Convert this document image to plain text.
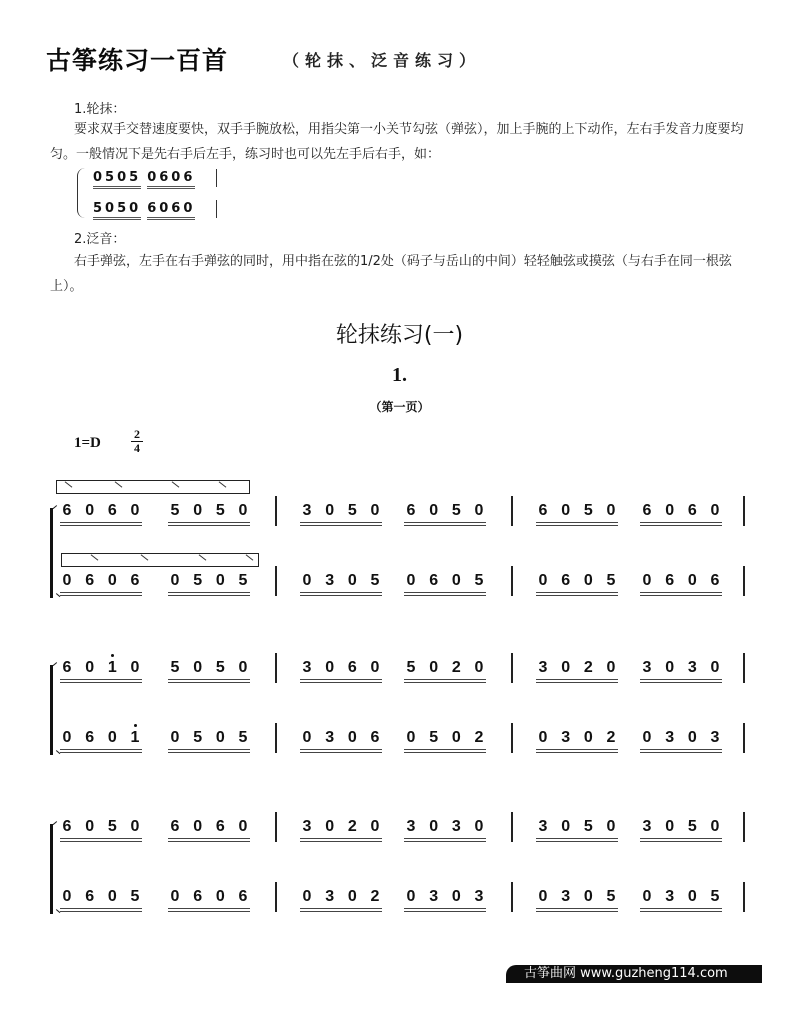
古筝练习一百首	（轮抹、泛音练习）
1.轮抹：
要求双手交替速度要快，双手手腕放松，用指尖第一小关节勾弦（弹弦），加上手腕的上下动作，左右手发音力度要均匀。一般情况下是先右手后左手，练习时也可以先左手后右手，如：
0505 0606
5050 6060
2.泛音：
右手弹弦，左手在右手弹弦的同时，用中指在弦的1/2处（码子与岳山的中间）轻轻触弦或摸弦（与右手在同一根弦上）。
轮抹练习(一)
1.
（第一页）
1=D
2
4
6 0 6 0 5 0 5 0	3 0 5 0 6 0 5 0	6 0 5 0 6 0 6 0
0 6 0 6 0 5 0 5	0 3 0 5 0 6 0 5	0 6 0 5 0 6 0 6
6 0 1 0 5 0 5 0	3 0 6 0 5 0 2 0	3 0 2 0 3 0 3 0
0 6 0 1 0 5 0 5	0 3 0 6 0 5 0 2	0 3 0 2 0 3 0 3
6 0 5 0 6 0 6 0	3 0 2 0 3 0 3 0	3 0 5 0 3 0 5 0
0 6 0 5 0 6 0 6	0 3 0 2 0 3 0 3	0 3 0 5 0 3 0 5
古筝曲网 www.guzheng114.com
